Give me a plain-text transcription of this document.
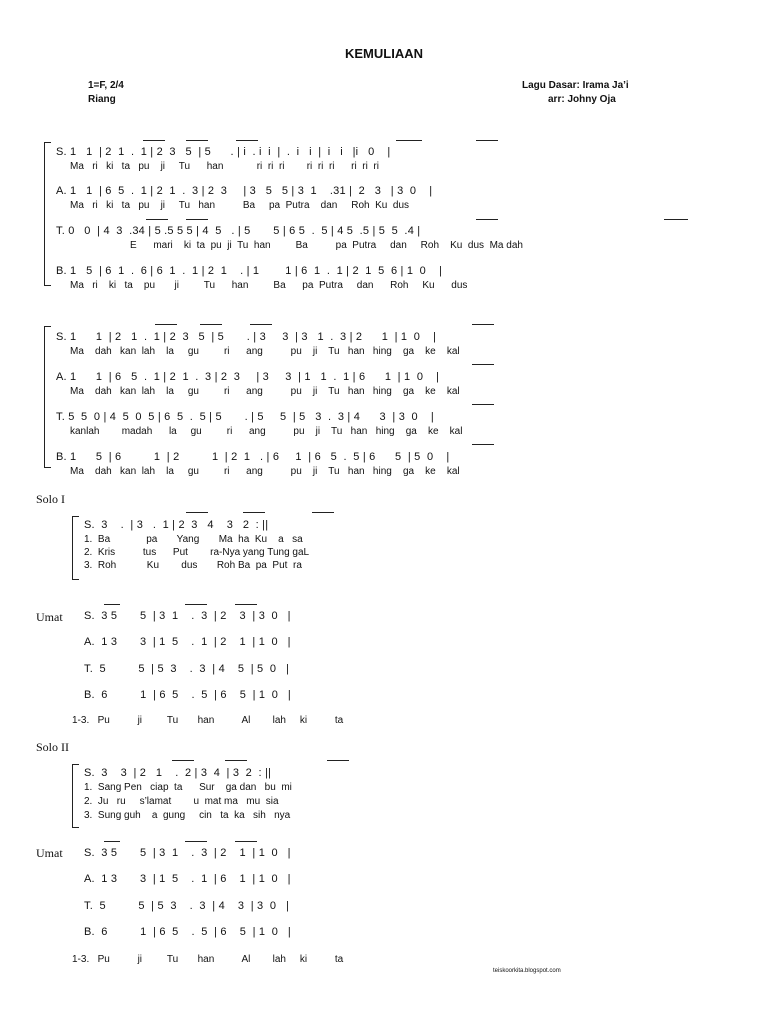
KEMULIAAN
1=F, 2/4
Riang
Lagu Dasar: Irama Ja’i
arr: Johny Oja
S. 1   1  | 2  1  .  1 | 2  3   5  | 5      . | i  . i  i  |  .  i   i  |  i   i   |i   0    |
Ma   ri   ki   ta   pu    ji     Tu      han            ri  ri  ri        ri  ri  ri      ri  ri  ri
A. 1   1  | 6  5  .  1 | 2  1  .  3 | 2  3     | 3   5   5 | 3  1    .31 |  2   3   | 3  0    |
Ma   ri   ki   ta   pu    ji     Tu   han          Ba     pa  Putra    dan     Roh  Ku  dus
T. 0   0  | 4  3  .34 | 5 .5 5 5 | 4  5   . | 5       5 | 6 5  .  5 | 4 5  .5 | 5  5  .4 |
E      mari    ki  ta  pu  ji  Tu  han         Ba          pa  Putra     dan     Roh    Ku  dus  Ma dah
B. 1   5  | 6  1  .  6 | 6  1  .  1 | 2  1    . | 1        1 | 6  1  .  1 | 2  1  5  6 | 1  0    |
Ma   ri    ki   ta    pu       ji         Tu      han         Ba      pa  Putra     dan      Roh     Ku      dus
S. 1      1  | 2   1  .  1 | 2  3   5  | 5       . | 3     3  | 3   1  .  3 | 2      1  | 1  0    |
Ma    dah   kan  lah    la     gu         ri      ang          pu    ji    Tu   han   hing    ga    ke    kal
A. 1      1  | 6   5  .  1 | 2  1  .  3 | 2  3     | 3     3  | 1   1  .  1 | 6      1  | 1  0    |
Ma    dah   kan  lah    la     gu         ri      ang          pu    ji    Tu   han   hing    ga    ke    kal
T. 5  5  0 | 4  5  0  5 | 6  5  .  5 | 5       . | 5     5  | 5   3  .  3 | 4      3  | 3  0    |
kanlah        madah      la     gu         ri      ang          pu    ji    Tu   han   hing    ga    ke    kal
B. 1      5  | 6          1  | 2          1  | 2  1   . | 6     1  | 6   5  .  5 | 6      5  | 5  0    |
Ma    dah   kan  lah    la     gu         ri      ang          pu    ji    Tu   han   hing    ga    ke    kal
Solo I
S.  3    .  | 3   .  1 | 2  3   4    3   2  : ||
1.  Ba             pa       Yang       Ma  ha  Ku    a   sa
2.  Kris          tus      Put        ra-Nya yang Tung gaL
3.  Roh           Ku        dus       Roh Ba  pa  Put  ra
Umat S.  3 5       5  | 3  1    .  3  | 2    3  | 3  0   |
A.  1 3       3  | 1  5    .  1  | 2    1  | 1  0   |
T.  5          5  | 5  3    .  3  | 4    5  | 5  0   |
B.  6          1  | 6  5    .  5  | 6    5  | 1  0   |
1-3.   Pu          ji         Tu       han          Al        lah     ki          ta
Solo II
S.  3    3  | 2   1    .  2 | 3  4  | 3  2  : ||
1.  Sang Pen   ciap  ta      Sur    ga dan   bu  mi
2.  Ju   ru     s’lamat        u  mat ma   mu  sia
3.  Sung guh    a  gung     cin   ta  ka   sih   nya
Umat S.  3 5       5  | 3  1    .  3  | 2    1  | 1  0   |
A.  1 3       3  | 1  5    .  1  | 6    1  | 1  0   |
T.  5          5  | 5  3    .  3  | 4    3  | 3  0   |
B.  6          1  | 6  5    .  5  | 6    5  | 1  0   |
1-3.   Pu          ji         Tu       han          Al        lah     ki          ta
teiskoorkita.blogspot.com
